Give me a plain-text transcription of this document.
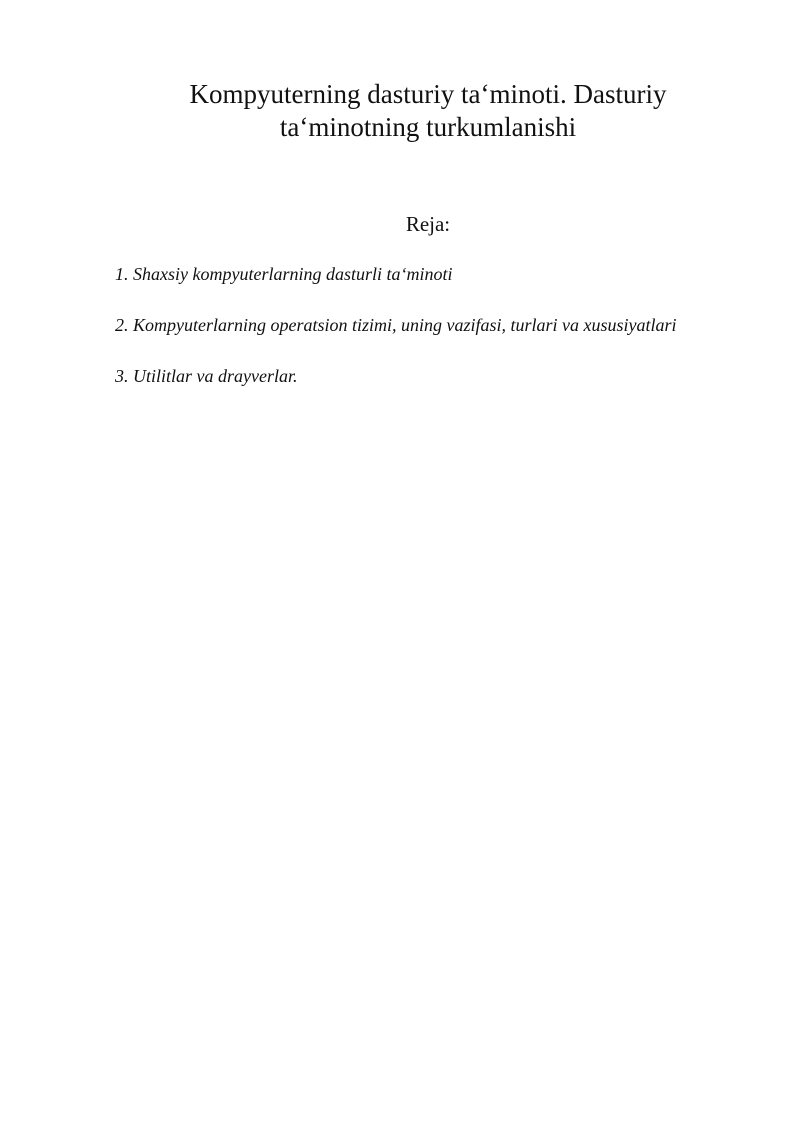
Kompyuterning dasturiy ta‘minoti. Dasturiy
ta‘minotning turkumlanishi
Reja:
1. Shaxsiy kompyuterlarning dasturli ta‘minoti
2. Kompyuterlarning operatsion tizimi, uning vazifasi, turlari va xususiyatlari
3. Utilitlar va drayverlar.
